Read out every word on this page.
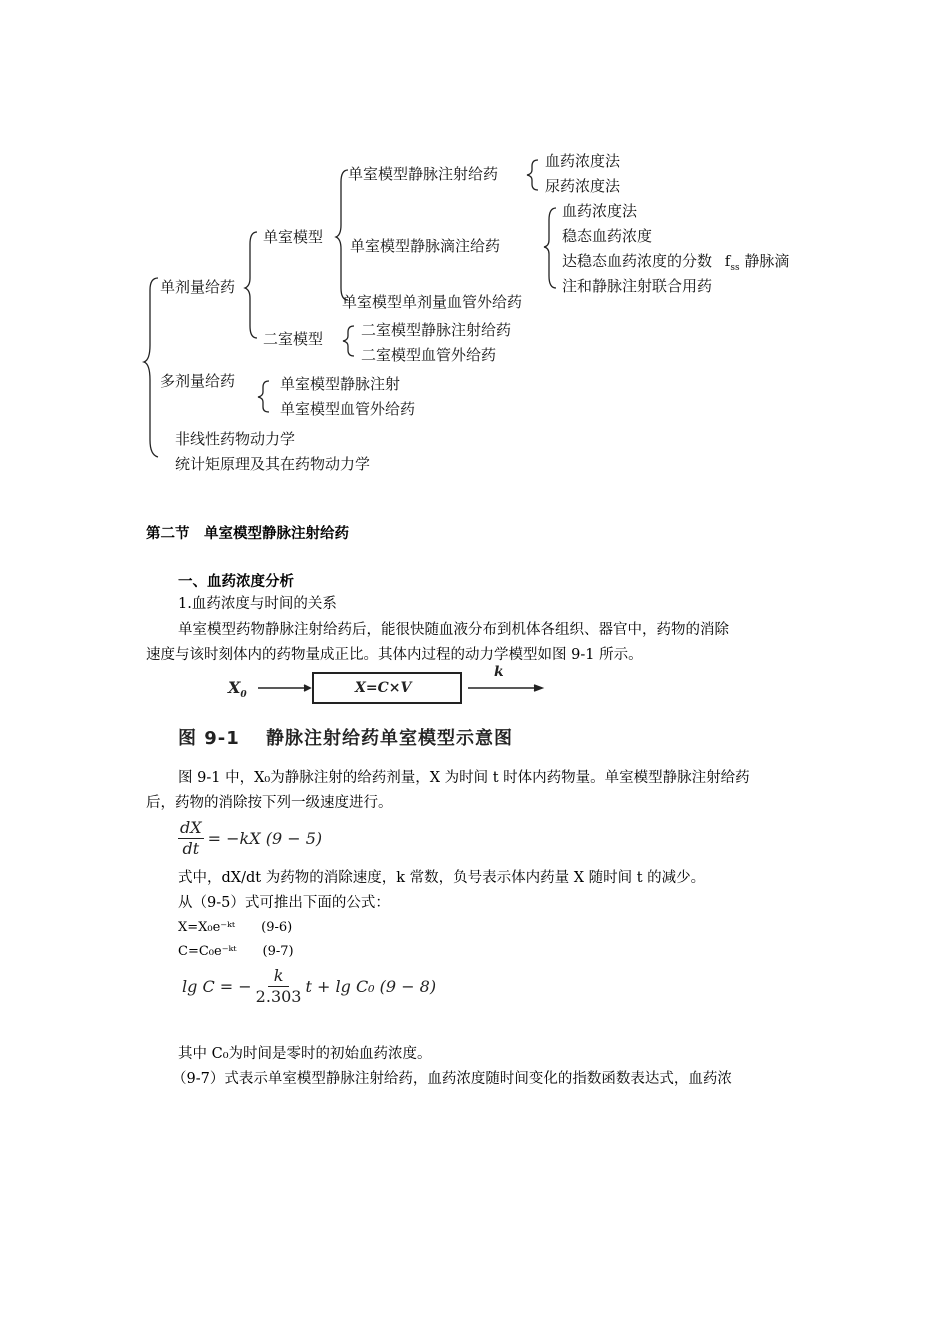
单剂量给药
多剂量给药
非线性药物动力学
统计矩原理及其在药物动力学
单室模型
二室模型
单室模型静脉注射给药
血药浓度法
尿药浓度法
单室模型静脉滴注给药
血药浓度法
稳态血药浓度
达稳态血药浓度的分数 $f_{ss}$ 静脉滴
注和静脉注射联合用药
单室模型单剂量血管外给药
二室模型静脉注射给药
二室模型血管外给药
单室模型静脉注射
单室模型血管外给药
第二节　单室模型静脉注射给药
一、血药浓度分析
1.血药浓度与时间的关系
单室模型药物静脉注射给药后，能很快随血液分布到机体各组织、器官中，药物的消除
速度与该时刻体内的药物量成正比。其体内过程的动力学模型如图 9-1 所示。
$X_0$	X=C×V
k
图 9-1　 静脉注射给药单室模型示意图
图 9-1 中，X₀为静脉注射的给药剂量，X 为时间 t 时体内药物量。单室模型静脉注射给药
后，药物的消除按下列一级速度进行。
$\frac{dX}{dt} = -kX$ (9 − 5)
式中，dX/dt 为药物的消除速度，k 常数，负号表示体内药量 X 随时间 t 的减少。
从（9-5）式可推出下面的公式：
X=X₀e⁻ᵏᵗ　　(9-6)
C=C₀e⁻ᵏᵗ　　(9-7)
lg C = − $\frac{k}{2.303}$ t + lg C₀ (9 − 8)
其中 C₀为时间是零时的初始血药浓度。
（9-7）式表示单室模型静脉注射给药，血药浓度随时间变化的指数函数表达式，血药浓
